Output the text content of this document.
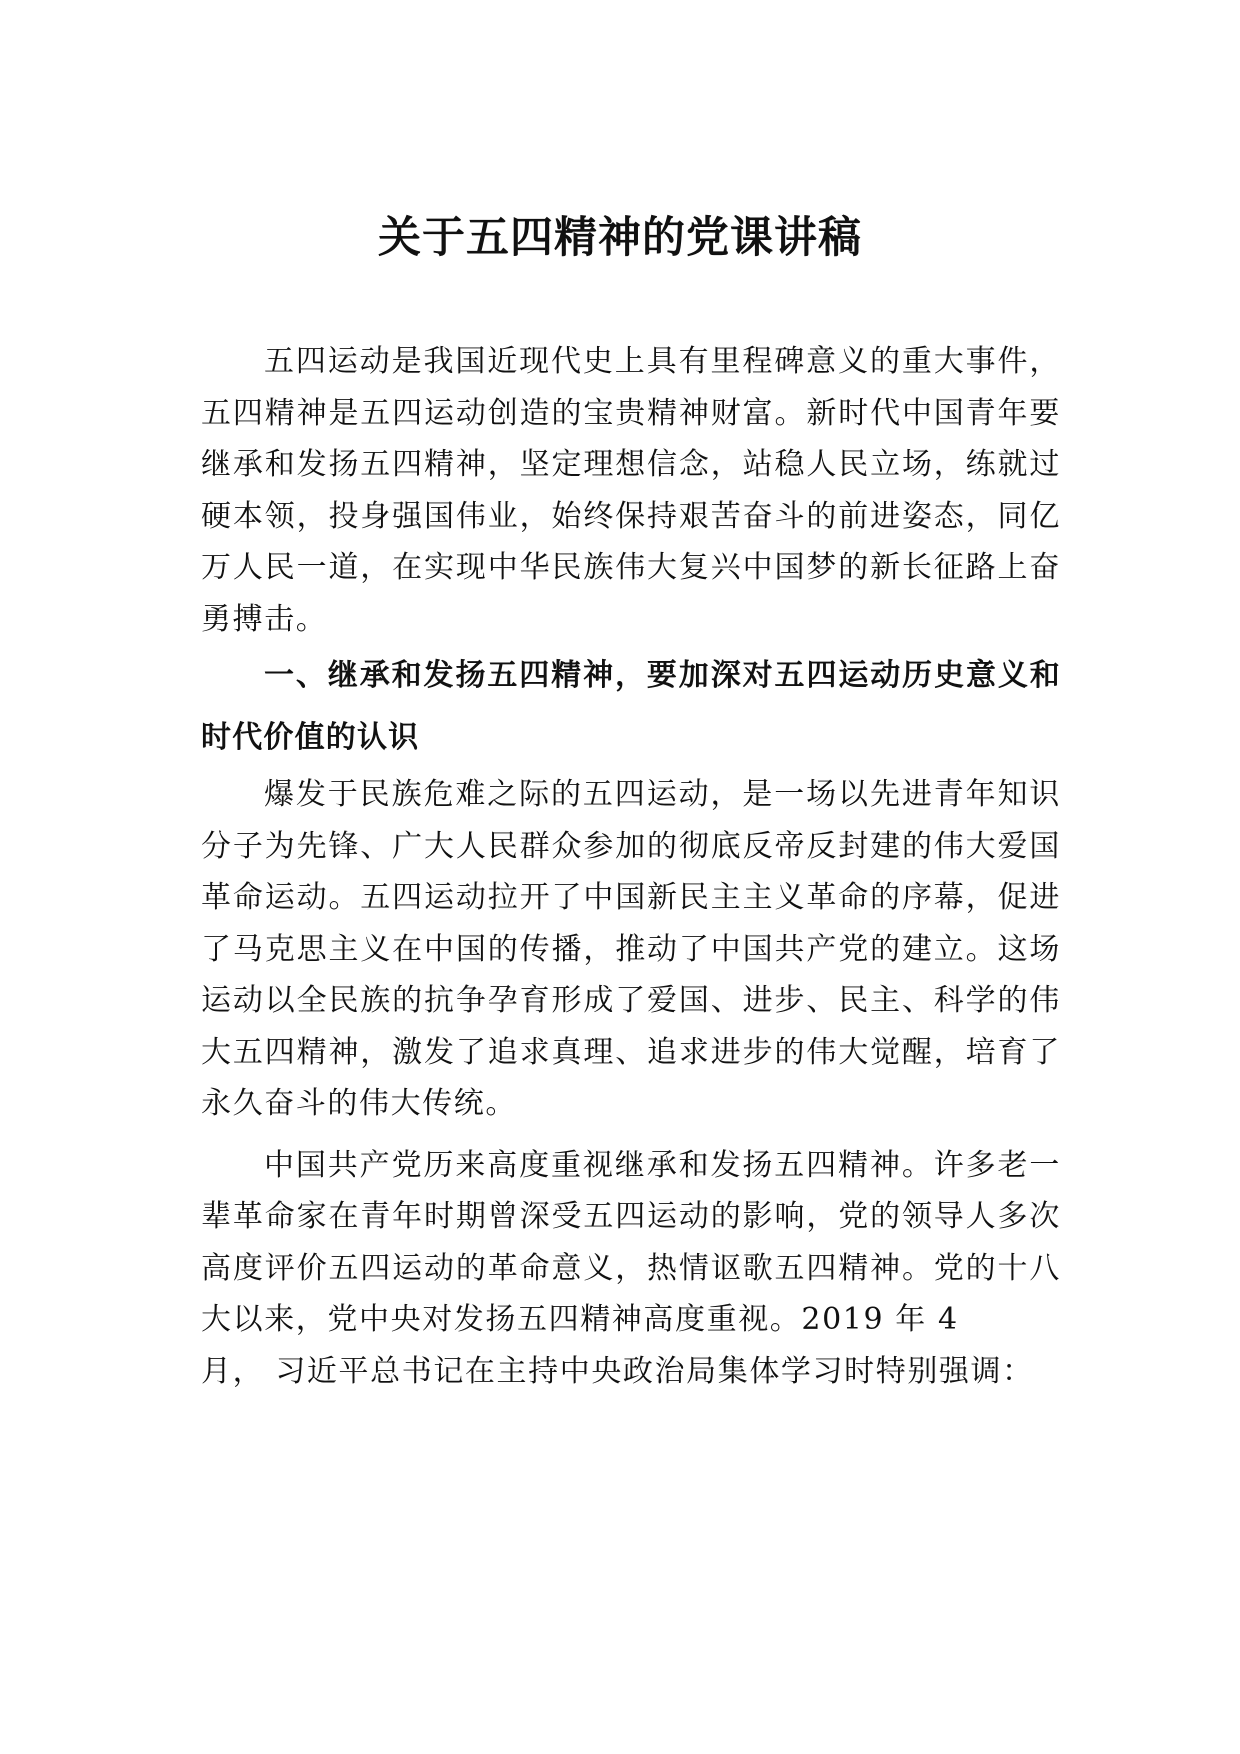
关于五四精神的党课讲稿

五四运动是我国近现代史上具有里程碑意义的重大事件，五四精神是五四运动创造的宝贵精神财富。新时代中国青年要继承和发扬五四精神，坚定理想信念，站稳人民立场，练就过硬本领，投身强国伟业，始终保持艰苦奋斗的前进姿态，同亿万人民一道，在实现中华民族伟大复兴中国梦的新长征路上奋勇搏击。

一、继承和发扬五四精神，要加深对五四运动历史意义和时代价值的认识

爆发于民族危难之际的五四运动，是一场以先进青年知识分子为先锋、广大人民群众参加的彻底反帝反封建的伟大爱国革命运动。五四运动拉开了中国新民主主义革命的序幕，促进了马克思主义在中国的传播，推动了中国共产党的建立。这场运动以全民族的抗争孕育形成了爱国、进步、民主、科学的伟大五四精神，激发了追求真理、追求进步的伟大觉醒，培育了永久奋斗的伟大传统。

中国共产党历来高度重视继承和发扬五四精神。许多老一辈革命家在青年时期曾深受五四运动的影响，党的领导人多次高度评价五四运动的革命意义，热情讴歌五四精神。党的十八大以来，党中央对发扬五四精神高度重视。2019 年 4

月， 习近平总书记在主持中央政治局集体学习时特别强调：
